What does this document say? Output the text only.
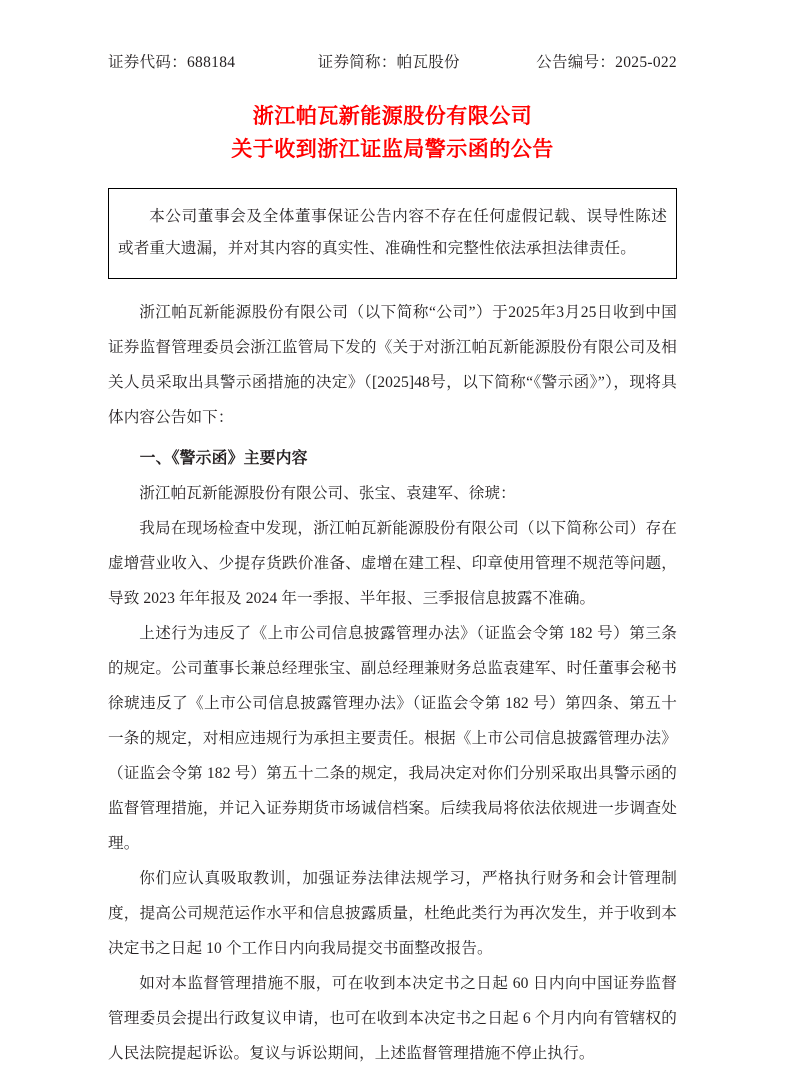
证券代码：688184	证券简称：帕瓦股份	公告编号：2025-022
浙江帕瓦新能源股份有限公司
关于收到浙江证监局警示函的公告

本公司董事会及全体董事保证公告内容不存在任何虚假记载、误导性陈述或者重大遗漏，并对其内容的真实性、准确性和完整性依法承担法律责任。

浙江帕瓦新能源股份有限公司（以下简称“公司”）于2025年3月25日收到中国证券监督管理委员会浙江监管局下发的《关于对浙江帕瓦新能源股份有限公司及相关人员采取出具警示函措施的决定》（[2025]48号，以下简称“《警示函》”），现将具体内容公告如下：

一、《警示函》主要内容

浙江帕瓦新能源股份有限公司、张宝、袁建军、徐琥：

我局在现场检查中发现，浙江帕瓦新能源股份有限公司（以下简称公司）存在虚增营业收入、少提存货跌价准备、虚增在建工程、印章使用管理不规范等问题，导致 2023 年年报及 2024 年一季报、半年报、三季报信息披露不准确。

上述行为违反了《上市公司信息披露管理办法》（证监会令第 182 号）第三条的规定。公司董事长兼总经理张宝、副总经理兼财务总监袁建军、时任董事会秘书徐琥违反了《上市公司信息披露管理办法》（证监会令第 182 号）第四条、第五十一条的规定，对相应违规行为承担主要责任。根据《上市公司信息披露管理办法》（证监会令第 182 号）第五十二条的规定，我局决定对你们分别采取出具警示函的监督管理措施，并记入证券期货市场诚信档案。后续我局将依法依规进一步调查处理。

你们应认真吸取教训，加强证券法律法规学习，严格执行财务和会计管理制度，提高公司规范运作水平和信息披露质量，杜绝此类行为再次发生，并于收到本决定书之日起 10 个工作日内向我局提交书面整改报告。

如对本监督管理措施不服，可在收到本决定书之日起 60 日内向中国证券监督管理委员会提出行政复议申请，也可在收到本决定书之日起 6 个月内向有管辖权的人民法院提起诉讼。复议与诉讼期间，上述监督管理措施不停止执行。
